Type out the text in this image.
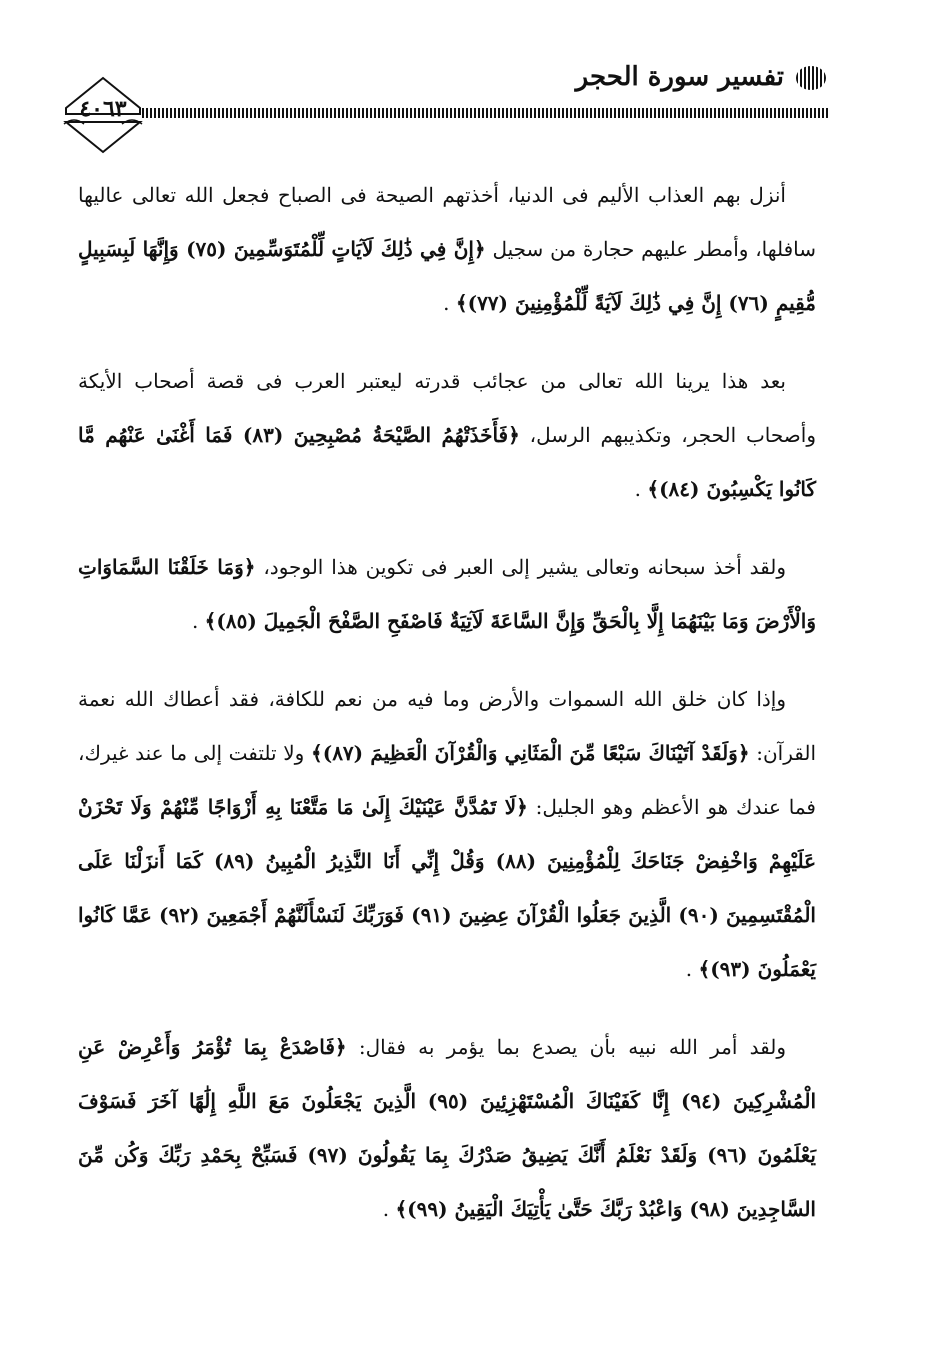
تفسير سورة الحجر
٤٠٦٣

أنزل بهم العذاب الأليم فى الدنيا، أخذتهم الصيحة فى الصباح فجعل الله تعالى عاليها سافلها، وأمطر عليهم حجارة من سجيل ﴿إِنَّ فِي ذَٰلِكَ لَآيَاتٍ لِّلْمُتَوَسِّمِينَ (٧٥) وَإِنَّهَا لَبِسَبِيلٍ مُّقِيمٍ (٧٦) إِنَّ فِي ذَٰلِكَ لَآيَةً لِّلْمُؤْمِنِينَ (٧٧)﴾ .

بعد هذا يرينا الله تعالى من عجائب قدرته ليعتبر العرب فى قصة أصحاب الأيكة وأصحاب الحجر، وتكذيبهم الرسل، ﴿فَأَخَذَتْهُمُ الصَّيْحَةُ مُصْبِحِينَ (٨٣) فَمَا أَغْنَىٰ عَنْهُم مَّا كَانُوا يَكْسِبُونَ (٨٤)﴾ .

ولقد أخذ سبحانه وتعالى يشير إلى العبر فى تكوين هذا الوجود، ﴿وَمَا خَلَقْنَا السَّمَاوَاتِ وَالْأَرْضَ وَمَا بَيْنَهُمَا إِلَّا بِالْحَقِّ وَإِنَّ السَّاعَةَ لَآتِيَةٌ فَاصْفَحِ الصَّفْحَ الْجَمِيلَ (٨٥)﴾ .

وإذا كان خلق الله السموات والأرض وما فيه من نعم للكافة، فقد أعطاك الله نعمة القرآن: ﴿وَلَقَدْ آتَيْنَاكَ سَبْعًا مِّنَ الْمَثَانِي وَالْقُرْآنَ الْعَظِيمَ (٨٧)﴾ ولا تلتفت إلى ما عند غيرك، فما عندك هو الأعظم وهو الجليل: ﴿لَا تَمُدَّنَّ عَيْنَيْكَ إِلَىٰ مَا مَتَّعْنَا بِهِ أَزْوَاجًا مِّنْهُمْ وَلَا تَحْزَنْ عَلَيْهِمْ وَاخْفِضْ جَنَاحَكَ لِلْمُؤْمِنِينَ (٨٨) وَقُلْ إِنِّي أَنَا النَّذِيرُ الْمُبِينُ (٨٩) كَمَا أَنزَلْنَا عَلَى الْمُقْتَسِمِينَ (٩٠) الَّذِينَ جَعَلُوا الْقُرْآنَ عِضِينَ (٩١) فَوَرَبِّكَ لَنَسْأَلَنَّهُمْ أَجْمَعِينَ (٩٢) عَمَّا كَانُوا يَعْمَلُونَ (٩٣)﴾ .

ولقد أمر الله نبيه بأن يصدع بما يؤمر به فقال: ﴿فَاصْدَعْ بِمَا تُؤْمَرُ وَأَعْرِضْ عَنِ الْمُشْرِكِينَ (٩٤) إِنَّا كَفَيْنَاكَ الْمُسْتَهْزِئِينَ (٩٥) الَّذِينَ يَجْعَلُونَ مَعَ اللَّهِ إِلَٰهًا آخَرَ فَسَوْفَ يَعْلَمُونَ (٩٦) وَلَقَدْ نَعْلَمُ أَنَّكَ يَضِيقُ صَدْرُكَ بِمَا يَقُولُونَ (٩٧) فَسَبِّحْ بِحَمْدِ رَبِّكَ وَكُن مِّنَ السَّاجِدِينَ (٩٨) وَاعْبُدْ رَبَّكَ حَتَّىٰ يَأْتِيَكَ الْيَقِينُ (٩٩)﴾ .
